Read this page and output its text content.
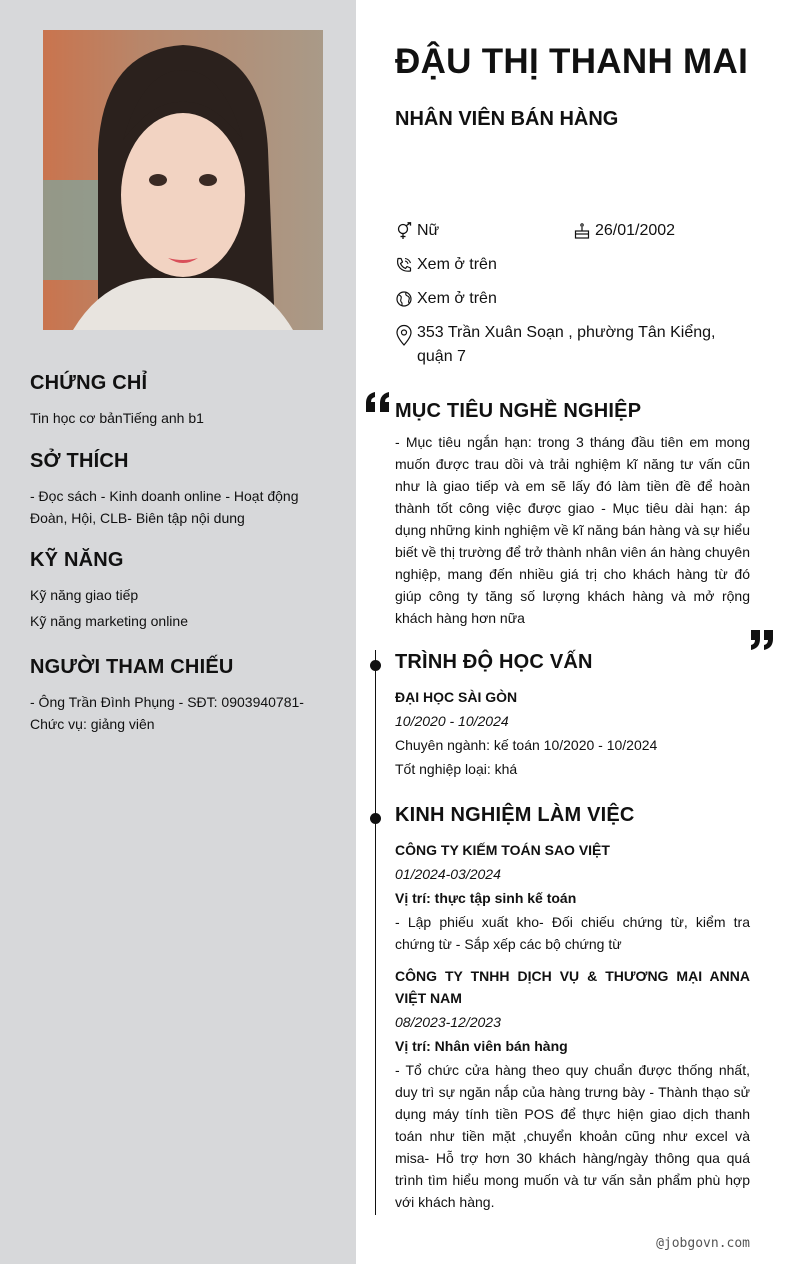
CHỨNG CHỈ

Tin học cơ bảnTiếng anh b1

SỞ THÍCH

- Đọc sách - Kinh doanh online - Hoạt động Đoàn, Hội, CLB- Biên tập nội dung

KỸ NĂNG

Kỹ năng giao tiếp

Kỹ năng marketing online

NGƯỜI THAM CHIẾU

- Ông Trần Đình Phụng - SĐT: 0903940781- Chức vụ: giảng viên

ĐẬU THỊ THANH MAI
NHÂN VIÊN BÁN HÀNG
Nữ	26/01/2002
Xem ở trên
Xem ở trên
353 Trần Xuân Soạn , phường Tân Kiểng, quận 7
MỤC TIÊU NGHỀ NGHIỆP
- Mục tiêu ngắn hạn: trong 3 tháng đầu tiên em mong muốn được trau dồi và trải nghiệm kĩ năng tư vấn cũn như là giao tiếp và em sẽ lấy đó làm tiền đề để hoàn thành tốt công việc được giao - Mục tiêu dài hạn: áp dụng những kinh nghiệm về kĩ năng bán hàng và sự hiểu biết về thị trường để trở thành nhân viên án hàng chuyên nghiệp, mang đến nhiều giá trị cho khách hàng từ đó giúp công ty tăng số lượng khách hàng và mở rộng khách hàng hơn nữa
TRÌNH ĐỘ HỌC VẤN
ĐẠI HỌC SÀI GÒN
10/2020 - 10/2024
Chuyên ngành: kế toán 10/2020 - 10/2024
Tốt nghiệp loại: khá
KINH NGHIỆM LÀM VIỆC
CÔNG TY KIẾM TOÁN SAO VIỆT
01/2024-03/2024
Vị trí: thực tập sinh kế toán
- Lập phiếu xuất kho- Đối chiếu chứng từ, kiểm tra chứng từ - Sắp xếp các bộ chứng từ
CÔNG TY TNHH DỊCH VỤ & THƯƠNG MẠI ANNA VIỆT NAM
08/2023-12/2023
Vị trí: Nhân viên bán hàng
- Tổ chức cửa hàng theo quy chuẩn được thống nhất, duy trì sự ngăn nắp của hàng trưng bày - Thành thạo sử dụng máy tính tiền POS để thực hiện giao dịch thanh toán như tiền mặt ,chuyển khoản cũng như excel và misa- Hỗ trợ hơn 30 khách hàng/ngày thông qua quá trình tìm hiểu mong muốn và tư vấn sản phẩm phù hợp với khách hàng.
@jobgovn.com
